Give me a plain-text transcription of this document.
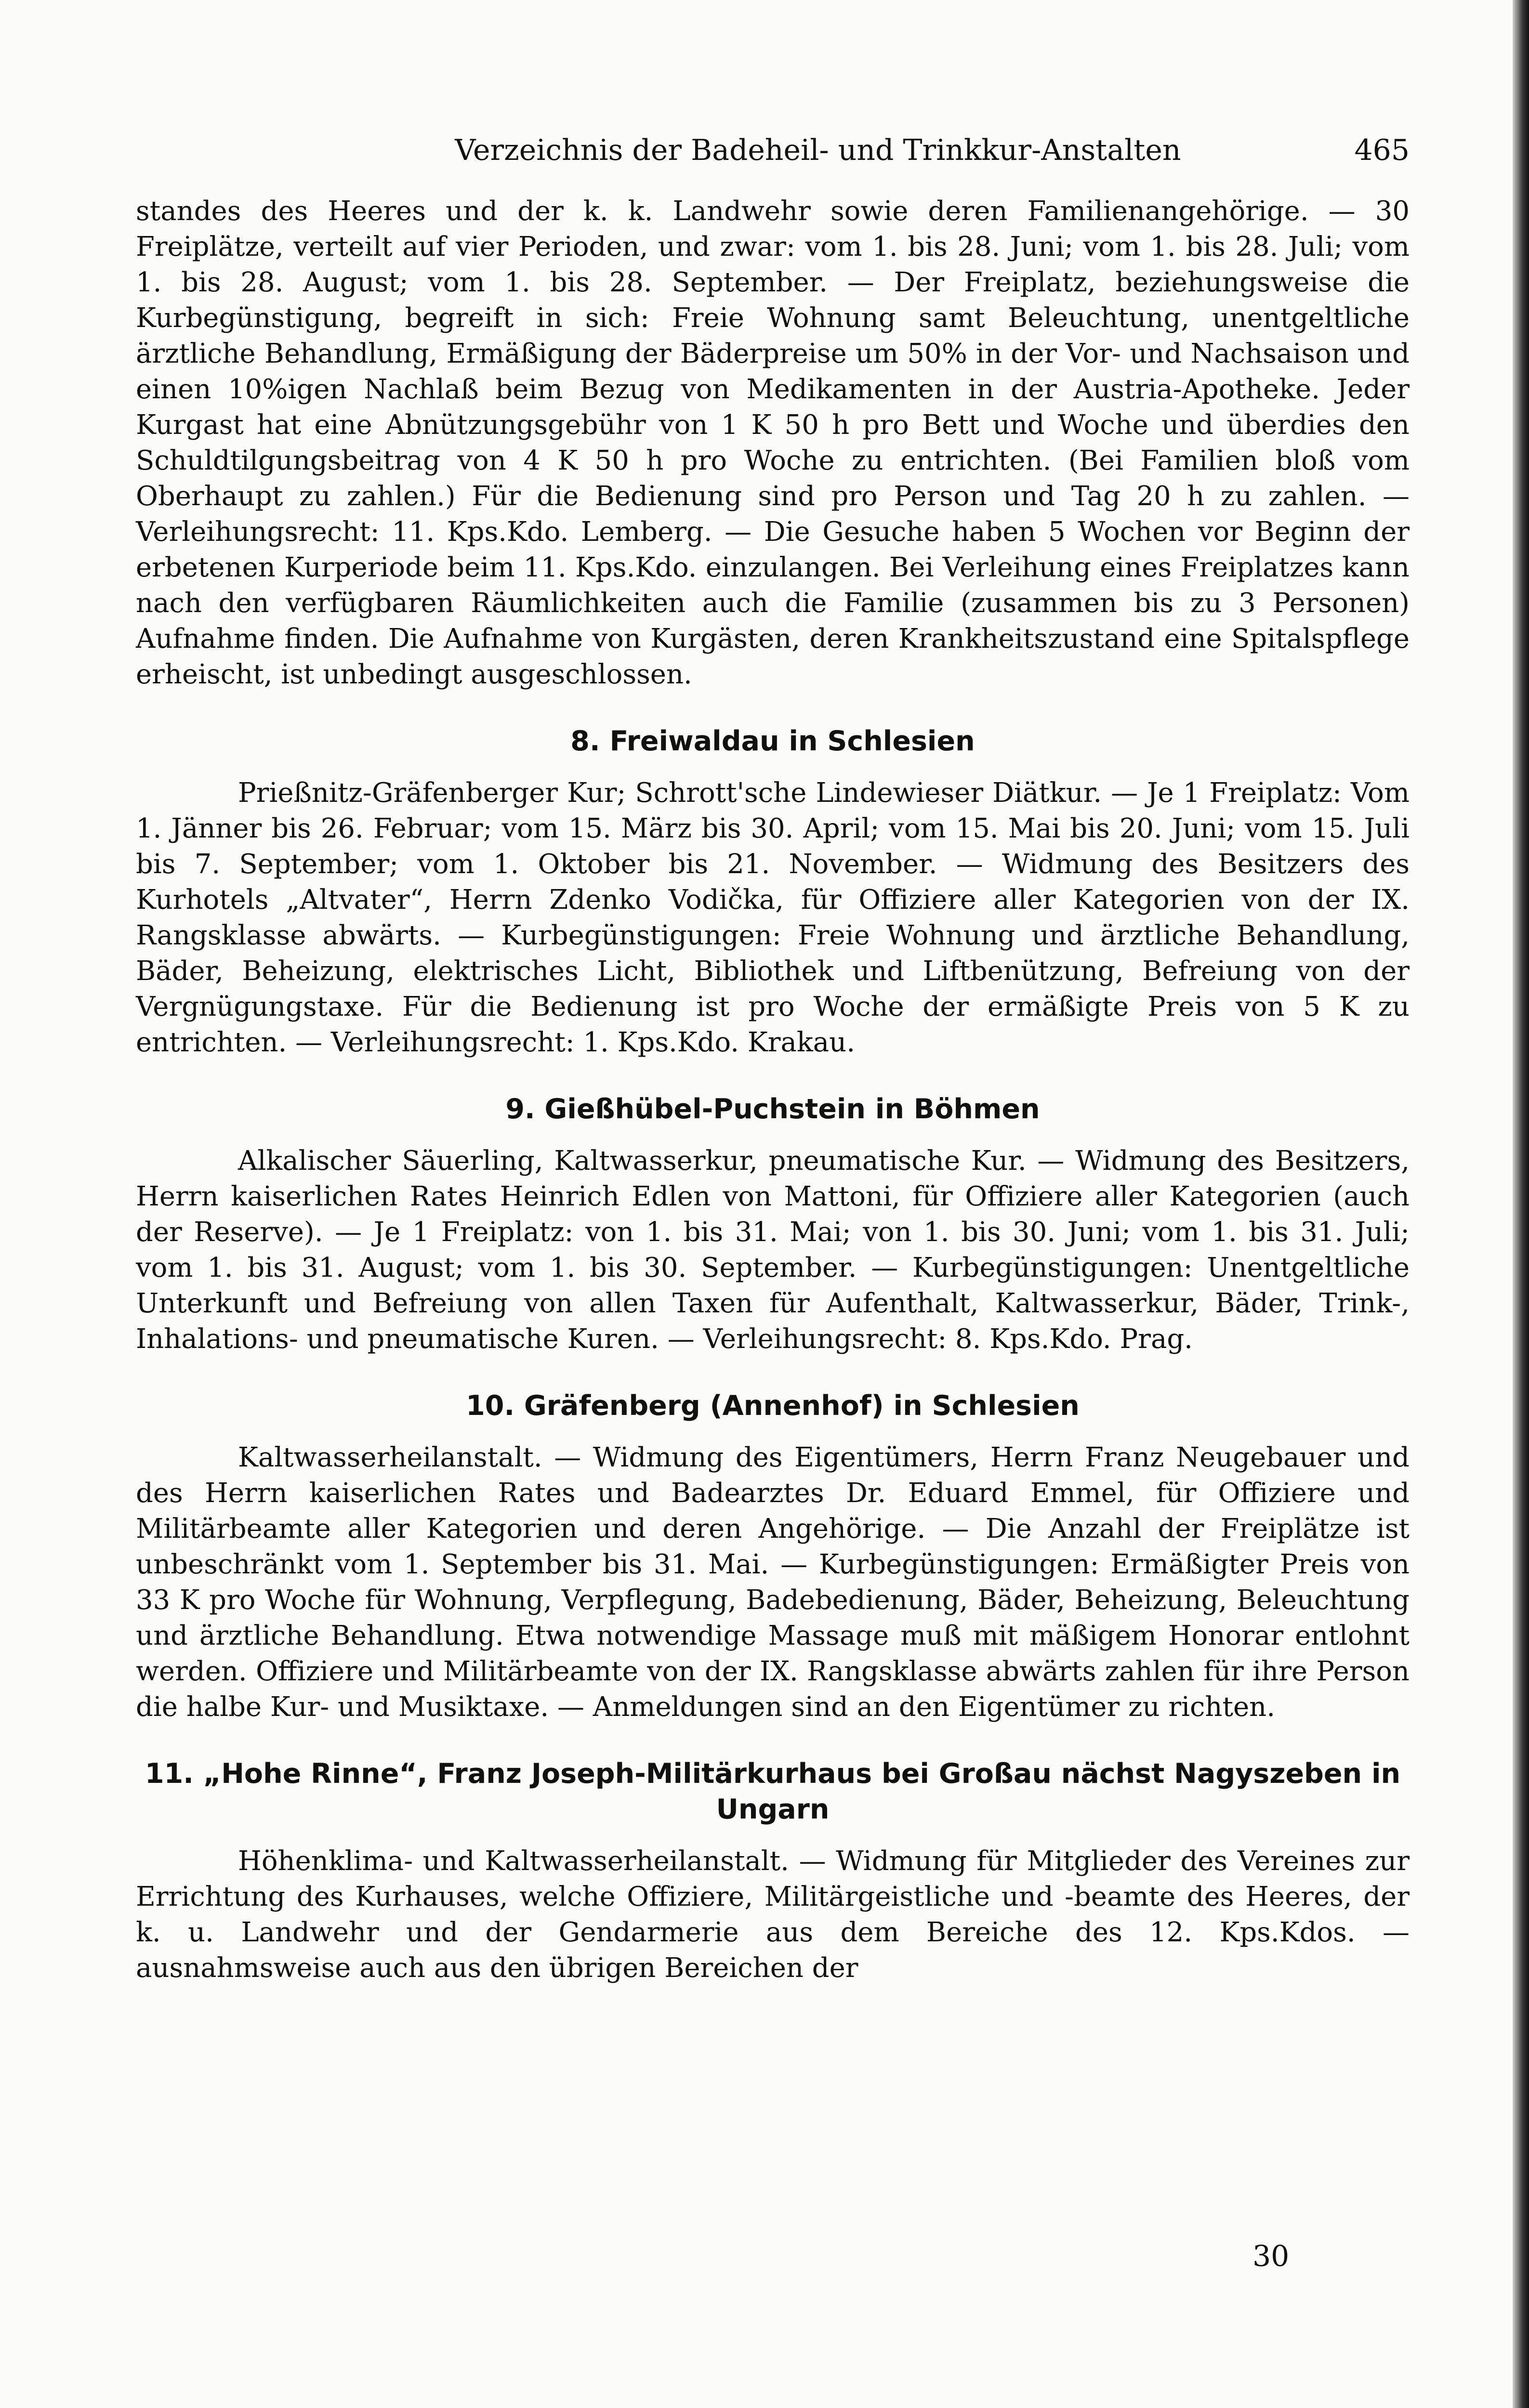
Verzeichnis der Badeheil- und Trinkkur-Anstalten	465

standes des Heeres und der k. k. Landwehr sowie deren Familienangehörige. — 30 Freiplätze, verteilt auf vier Perioden, und zwar: vom 1. bis 28. Juni; vom 1. bis 28. Juli; vom 1. bis 28. August; vom 1. bis 28. September. — Der Freiplatz, beziehungsweise die Kurbegünstigung, begreift in sich: Freie Wohnung samt Beleuchtung, unentgeltliche ärztliche Behandlung, Ermäßigung der Bäderpreise um 50% in der Vor- und Nachsaison und einen 10%igen Nachlaß beim Bezug von Medikamenten in der Austria-Apotheke. Jeder Kurgast hat eine Abnützungsgebühr von 1 K 50 h pro Bett und Woche und überdies den Schuldtilgungsbeitrag von 4 K 50 h pro Woche zu entrichten. (Bei Familien bloß vom Oberhaupt zu zahlen.) Für die Bedienung sind pro Person und Tag 20 h zu zahlen. — Verleihungsrecht: 11. Kps.Kdo. Lemberg. — Die Gesuche haben 5 Wochen vor Beginn der erbetenen Kurperiode beim 11. Kps.Kdo. einzulangen. Bei Verleihung eines Freiplatzes kann nach den verfügbaren Räumlichkeiten auch die Familie (zusammen bis zu 3 Personen) Aufnahme finden. Die Aufnahme von Kurgästen, deren Krankheitszustand eine Spitalspflege erheischt, ist unbedingt ausgeschlossen.

8. Freiwaldau in Schlesien

Prießnitz-Gräfenberger Kur; Schrott'sche Lindewieser Diätkur. — Je 1 Freiplatz: Vom 1. Jänner bis 26. Februar; vom 15. März bis 30. April; vom 15. Mai bis 20. Juni; vom 15. Juli bis 7. September; vom 1. Oktober bis 21. November. — Widmung des Besitzers des Kurhotels „Altvater“, Herrn Zdenko Vodička, für Offiziere aller Kategorien von der IX. Rangsklasse abwärts. — Kurbegünstigungen: Freie Wohnung und ärztliche Behandlung, Bäder, Beheizung, elektrisches Licht, Bibliothek und Liftbenützung, Befreiung von der Vergnügungstaxe. Für die Bedienung ist pro Woche der ermäßigte Preis von 5 K zu entrichten. — Verleihungsrecht: 1. Kps.Kdo. Krakau.

9. Gießhübel-Puchstein in Böhmen

Alkalischer Säuerling, Kaltwasserkur, pneumatische Kur. — Widmung des Besitzers, Herrn kaiserlichen Rates Heinrich Edlen von Mattoni, für Offiziere aller Kategorien (auch der Reserve). — Je 1 Freiplatz: von 1. bis 31. Mai; von 1. bis 30. Juni; vom 1. bis 31. Juli; vom 1. bis 31. August; vom 1. bis 30. September. — Kurbegünstigungen: Unentgeltliche Unterkunft und Befreiung von allen Taxen für Aufenthalt, Kaltwasserkur, Bäder, Trink-, Inhalations- und pneumatische Kuren. — Verleihungsrecht: 8. Kps.Kdo. Prag.

10. Gräfenberg (Annenhof) in Schlesien

Kaltwasserheilanstalt. — Widmung des Eigentümers, Herrn Franz Neugebauer und des Herrn kaiserlichen Rates und Badearztes Dr. Eduard Emmel, für Offiziere und Militärbeamte aller Kategorien und deren Angehörige. — Die Anzahl der Freiplätze ist unbeschränkt vom 1. September bis 31. Mai. — Kurbegünstigungen: Ermäßigter Preis von 33 K pro Woche für Wohnung, Verpflegung, Badebedienung, Bäder, Beheizung, Beleuchtung und ärztliche Behandlung. Etwa notwendige Massage muß mit mäßigem Honorar entlohnt werden. Offiziere und Militärbeamte von der IX. Rangsklasse abwärts zahlen für ihre Person die halbe Kur- und Musiktaxe. — Anmeldungen sind an den Eigentümer zu richten.

11. „Hohe Rinne“, Franz Joseph-Militärkurhaus bei Großau nächst Nagyszeben in Ungarn

Höhenklima- und Kaltwasserheilanstalt. — Widmung für Mitglieder des Vereines zur Errichtung des Kurhauses, welche Offiziere, Militärgeistliche und -beamte des Heeres, der k. u. Landwehr und der Gendarmerie aus dem Bereiche des 12. Kps.Kdos. — ausnahmsweise auch aus den übrigen Bereichen der

30
